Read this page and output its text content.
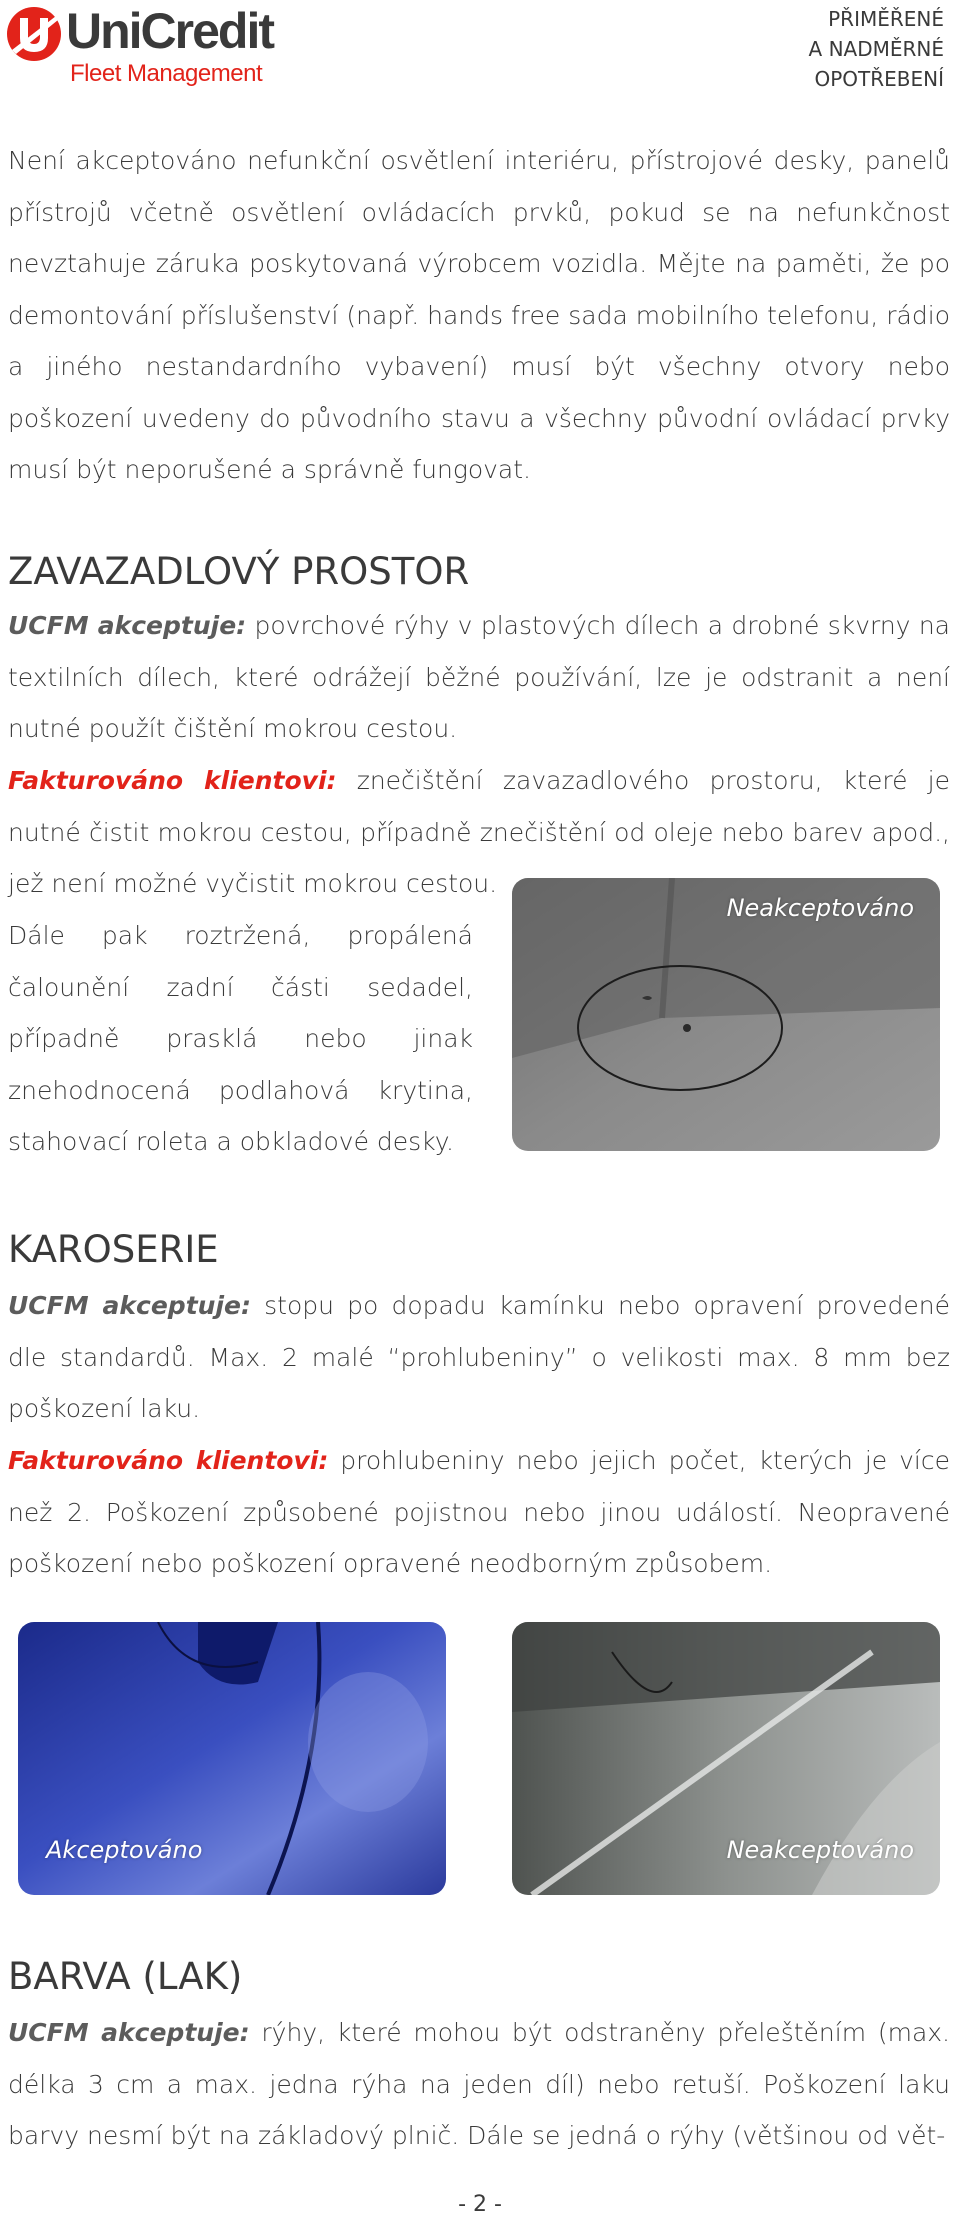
UniCredit
Fleet Management
PŘIMĚŘENÉ
A NADMĚRNÉ
OPOTŘEBENÍ

Není akceptováno nefunkční osvětlení interiéru, přístrojové desky, panelů přístrojů včetně osvětlení ovládacích prvků, pokud se na nefunkčnost nevztahuje záruka poskytovaná výrobcem vozidla. Mějte na paměti, že po demontování příslušenství (např. hands free sada mobilního telefonu, rádio a jiného nestandardního vybavení) musí být všechny otvory nebo poškození uvedeny do původního stavu a všechny původní ovládací prvky musí být neporušené a správně fungovat.

ZAVAZADLOVÝ PROSTOR

UCFM akceptuje: povrchové rýhy v plastových dílech a drobné skvrny na textilních dílech, které odrážejí běžné používání, lze je odstranit a není nutné použít čištění mokrou cestou.

Fakturováno klientovi: znečištění zavazadlového prostoru, které je nutné čistit mokrou cestou, případně znečištění od oleje nebo barev apod., jež není možné vyčistit mokrou cestou.

Dále pak roztržená, propálená čalounění zadní části sedadel, případně prasklá nebo jinak znehodnocená podlahová krytina, stahovací roleta a obkladové desky.

Neakceptováno
KAROSERIE

UCFM akceptuje: stopu po dopadu kamínku nebo opravení provedené dle standardů. Max. 2 malé “prohlubeniny” o velikosti max. 8 mm bez poškození laku.

Fakturováno klientovi: prohlubeniny nebo jejich počet, kterých je více než 2. Poškození způsobené pojistnou nebo jinou událostí. Neopravené poškození nebo poškození opravené neodborným způsobem.

Akceptováno	Neakceptováno
BARVA (LAK)

UCFM akceptuje: rýhy, které mohou být odstraněny přeleštěním (max. délka 3 cm a max. jedna rýha na jeden díl) nebo retuší. Poškození laku barvy nesmí být na základový plnič. Dále se jedná o rýhy (většinou od vět-

- 2 -
